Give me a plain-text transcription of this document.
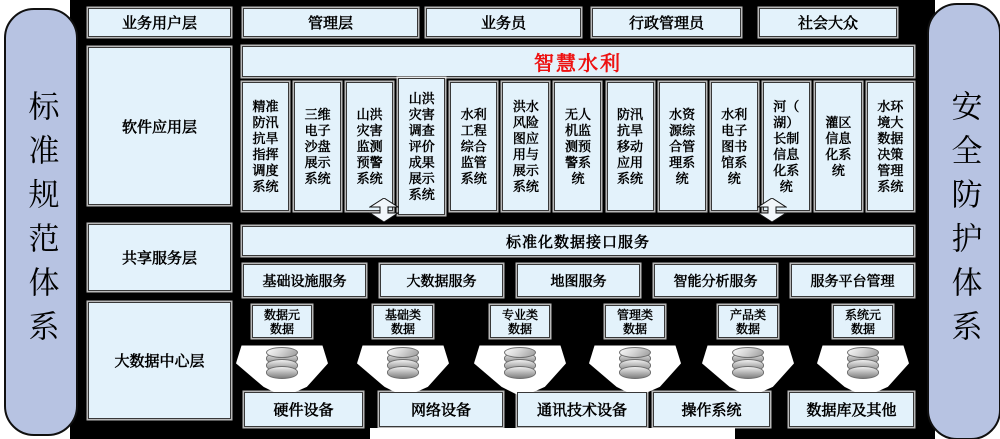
标准规范体系	安全防护体系
业务用户层
软件应用层
共享服务层
大数据中心层
管理层	业务员	行政管理员	社会大众
智慧水利
精准防汛抗旱指挥调度系统
三维电子沙盘展示系统
山洪灾害监测预警系统
山洪灾害调查评价成果展示系统
水利工程综合监管系统
洪水风险图应用与展示系统
无人机监测预警系统
防汛抗旱移动应用系统
水资源综合管理系统
水利电子图书馆系统
河（湖）长制信息化系统
灌区信息化系统
水环境大数据决策管理系统
标准化数据接口服务
基础设施服务	大数据服务	地图服务	智能分析服务	服务平台管理
数据元
数据
基础类
数据
专业类
数据
管理类
数据
产品类
数据
系统元
数据
硬件设备	网络设备	通讯技术设备	操作系统	数据库及其他
